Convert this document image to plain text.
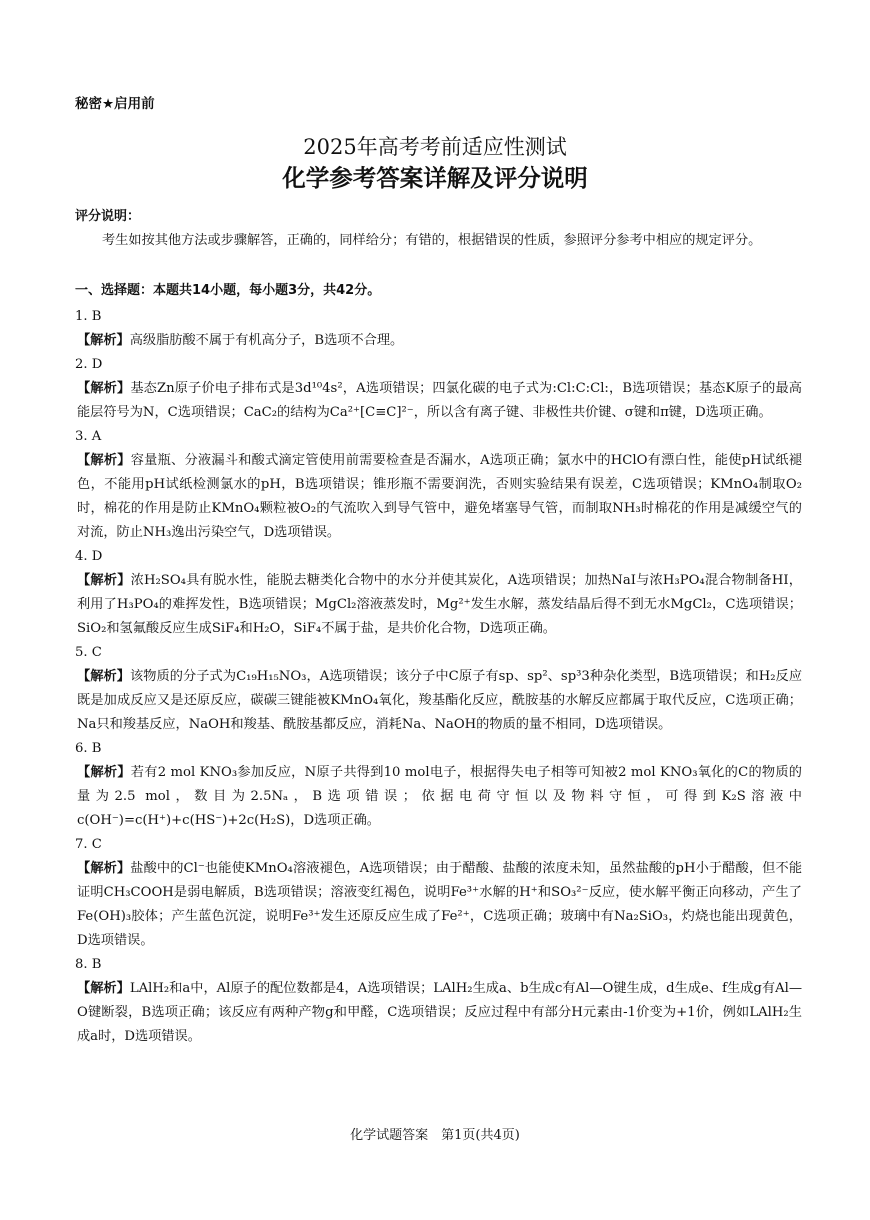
秘密★启用前
2025年高考考前适应性测试
化学参考答案详解及评分说明
评分说明：
考生如按其他方法或步骤解答，正确的，同样给分；有错的，根据错误的性质，参照评分参考中相应的规定评分。
一、选择题：本题共14小题，每小题3分，共42分。
1. B
【解析】高级脂肪酸不属于有机高分子，B选项不合理。
2. D
【解析】基态Zn原子价电子排布式是3d¹⁰4s²，A选项错误；四氯化碳的电子式为:Cl:C:Cl:，B选项错误；基态K原子的最高能层符号为N，C选项错误；CaC₂的结构为Ca²⁺[C≡C]²⁻，所以含有离子键、非极性共价键、σ键和π键，D选项正确。
3. A
【解析】容量瓶、分液漏斗和酸式滴定管使用前需要检查是否漏水，A选项正确；氯水中的HClO有漂白性，能使pH试纸褪色，不能用pH试纸检测氯水的pH，B选项错误；锥形瓶不需要润洗，否则实验结果有误差，C选项错误；KMnO₄制取O₂时，棉花的作用是防止KMnO₄颗粒被O₂的气流吹入到导气管中，避免堵塞导气管，而制取NH₃时棉花的作用是减缓空气的对流，防止NH₃逸出污染空气，D选项错误。
4. D
【解析】浓H₂SO₄具有脱水性，能脱去糖类化合物中的水分并使其炭化，A选项错误；加热NaI与浓H₃PO₄混合物制备HI，利用了H₃PO₄的难挥发性，B选项错误；MgCl₂溶液蒸发时，Mg²⁺发生水解，蒸发结晶后得不到无水MgCl₂，C选项错误；SiO₂和氢氟酸反应生成SiF₄和H₂O，SiF₄不属于盐，是共价化合物，D选项正确。
5. C
【解析】该物质的分子式为C₁₉H₁₅NO₃，A选项错误；该分子中C原子有sp、sp²、sp³3种杂化类型，B选项错误；和H₂反应既是加成反应又是还原反应，碳碳三键能被KMnO₄氧化，羧基酯化反应，酰胺基的水解反应都属于取代反应，C选项正确；Na只和羧基反应，NaOH和羧基、酰胺基都反应，消耗Na、NaOH的物质的量不相同，D选项错误。
6. B
【解析】若有2 mol KNO₃参加反应，N原子共得到10 mol电子，根据得失电子相等可知被2 mol KNO₃氧化的C的物质的量为2.5 mol，数目为2.5Nₐ，B选项错误；依据电荷守恒以及物料守恒，可得到K₂S溶液中c(OH⁻)=c(H⁺)+c(HS⁻)+2c(H₂S)，D选项正确。
7. C
【解析】盐酸中的Cl⁻也能使KMnO₄溶液褪色，A选项错误；由于醋酸、盐酸的浓度未知，虽然盐酸的pH小于醋酸，但不能证明CH₃COOH是弱电解质，B选项错误；溶液变红褐色，说明Fe³⁺水解的H⁺和SO₃²⁻反应，使水解平衡正向移动，产生了Fe(OH)₃胶体；产生蓝色沉淀，说明Fe³⁺发生还原反应生成了Fe²⁺，C选项正确；玻璃中有Na₂SiO₃，灼烧也能出现黄色，D选项错误。
8. B
【解析】LAlH₂和a中，Al原子的配位数都是4，A选项错误；LAlH₂生成a、b生成c有Al—O键生成，d生成e、f生成g有Al—O键断裂，B选项正确；该反应有两种产物g和甲醛，C选项错误；反应过程中有部分H元素由-1价变为+1价，例如LAlH₂生成a时，D选项错误。
化学试题答案　第1页(共4页)
